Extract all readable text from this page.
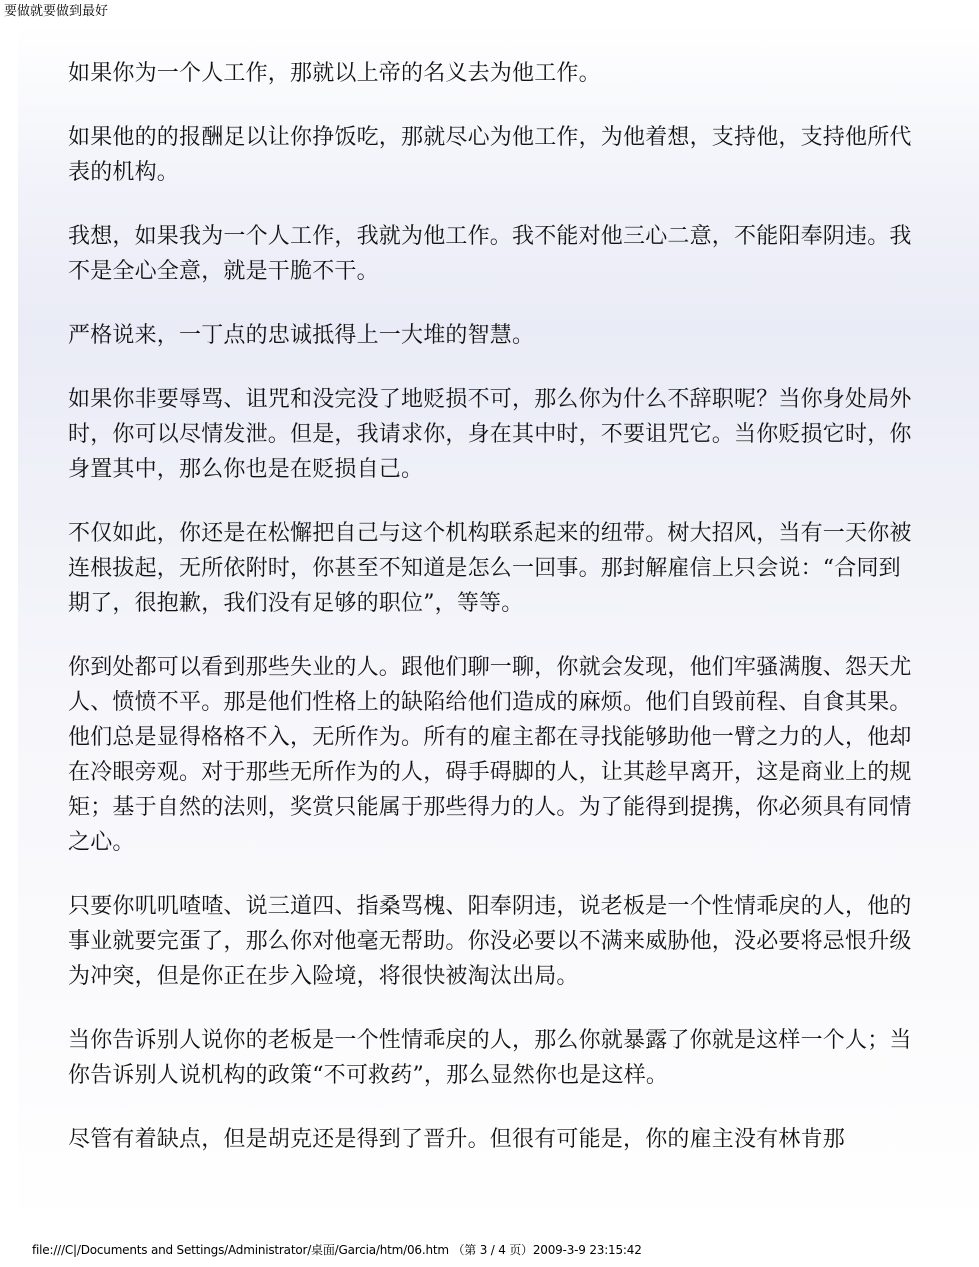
要做就要做到最好

如果你为一个人工作，那就以上帝的名义去为他工作。

如果他的的报酬足以让你挣饭吃，那就尽心为他工作，为他着想，支持他，支持他所代表的机构。

我想，如果我为一个人工作，我就为他工作。我不能对他三心二意，不能阳奉阴违。我不是全心全意，就是干脆不干。

严格说来，一丁点的忠诚抵得上一大堆的智慧。

如果你非要辱骂、诅咒和没完没了地贬损不可，那么你为什么不辞职呢？当你身处局外时，你可以尽情发泄。但是，我请求你，身在其中时，不要诅咒它。当你贬损它时，你身置其中，那么你也是在贬损自己。

不仅如此，你还是在松懈把自己与这个机构联系起来的纽带。树大招风，当有一天你被连根拔起，无所依附时，你甚至不知道是怎么一回事。那封解雇信上只会说：“合同到期了，很抱歉，我们没有足够的职位”，等等。

你到处都可以看到那些失业的人。跟他们聊一聊，你就会发现，他们牢骚满腹、怨天尤人、愤愤不平。那是他们性格上的缺陷给他们造成的麻烦。他们自毁前程、自食其果。他们总是显得格格不入，无所作为。所有的雇主都在寻找能够助他一臂之力的人，他却在冷眼旁观。对于那些无所作为的人，碍手碍脚的人，让其趁早离开，这是商业上的规矩；基于自然的法则，奖赏只能属于那些得力的人。为了能得到提携，你必须具有同情之心。

只要你叽叽喳喳、说三道四、指桑骂槐、阳奉阴违，说老板是一个性情乖戾的人，他的事业就要完蛋了，那么你对他毫无帮助。你没必要以不满来威胁他，没必要将忌恨升级为冲突，但是你正在步入险境，将很快被淘汰出局。

当你告诉别人说你的老板是一个性情乖戾的人，那么你就暴露了你就是这样一个人；当你告诉别人说机构的政策“不可救药”，那么显然你也是这样。

尽管有着缺点，但是胡克还是得到了晋升。但很有可能是，你的雇主没有林肯那

file:///C|/Documents and Settings/Administrator/桌面/Garcia/htm/06.htm （第 3 / 4 页）2009-3-9 23:15:42
